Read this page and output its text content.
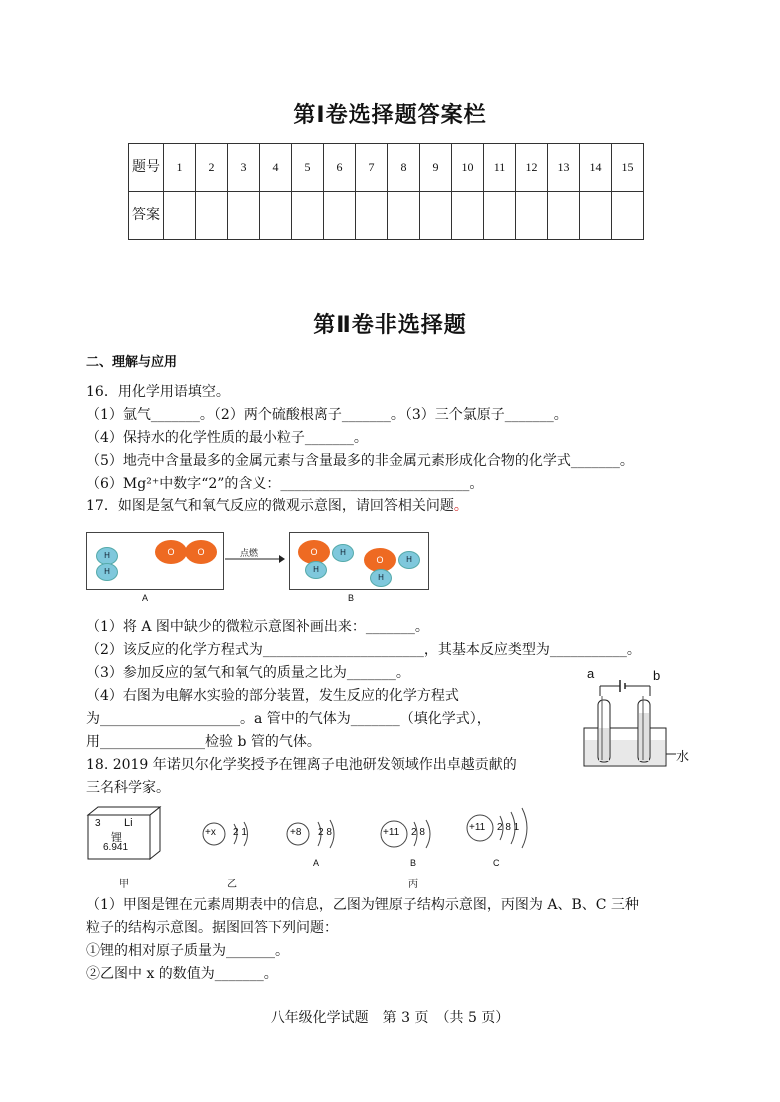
第Ⅰ卷选择题答案栏
题号	1	2	3	4	5	6	7	8	9	10	11	12	13	14	15
答案															
第Ⅱ卷非选择题
二、理解与应用
16．用化学用语填空。
（1）氩气_______。（2）两个硫酸根离子_______。（3）三个氯原子_______。
（4）保持水的化学性质的最小粒子_______。
（5）地壳中含量最多的金属元素与含量最多的非金属元素形成化合物的化学式_______。
（6）Mg²⁺中数字“2”的含义：___________________________。
17．如图是氢气和氧气反应的微观示意图，请回答相关问题。
H
H
O	O	→
点燃	O	H
H
O	H
H
A	B
（1）将 A 图中缺少的微粒示意图补画出来：_______。
（2）该反应的化学方程式为_______________________，其基本反应类型为___________。
（3）参加反应的氢气和氧气的质量之比为_______。
（4）右图为电解水实验的部分装置，发生反应的化学方程式
为____________________。a 管中的气体为_______（填化学式），
用_______________检验 b 管的气体。
a	b
水
18. 2019 年诺贝尔化学奖授予在锂离子电池研发领域作出卓越贡献的
三名科学家。
3 Li
锂
6.941
+x 2 1	+8 2 8	+11 2 8	+11 2 8 1
A	B	C
甲	乙	丙
（1）甲图是锂在元素周期表中的信息，乙图为锂原子结构示意图，丙图为 A、B、C 三种
粒子的结构示意图。据图回答下列问题：
①锂的相对原子质量为_______。
②乙图中 x 的数值为_______。
八年级化学试题　第 3 页　（共 5 页）
